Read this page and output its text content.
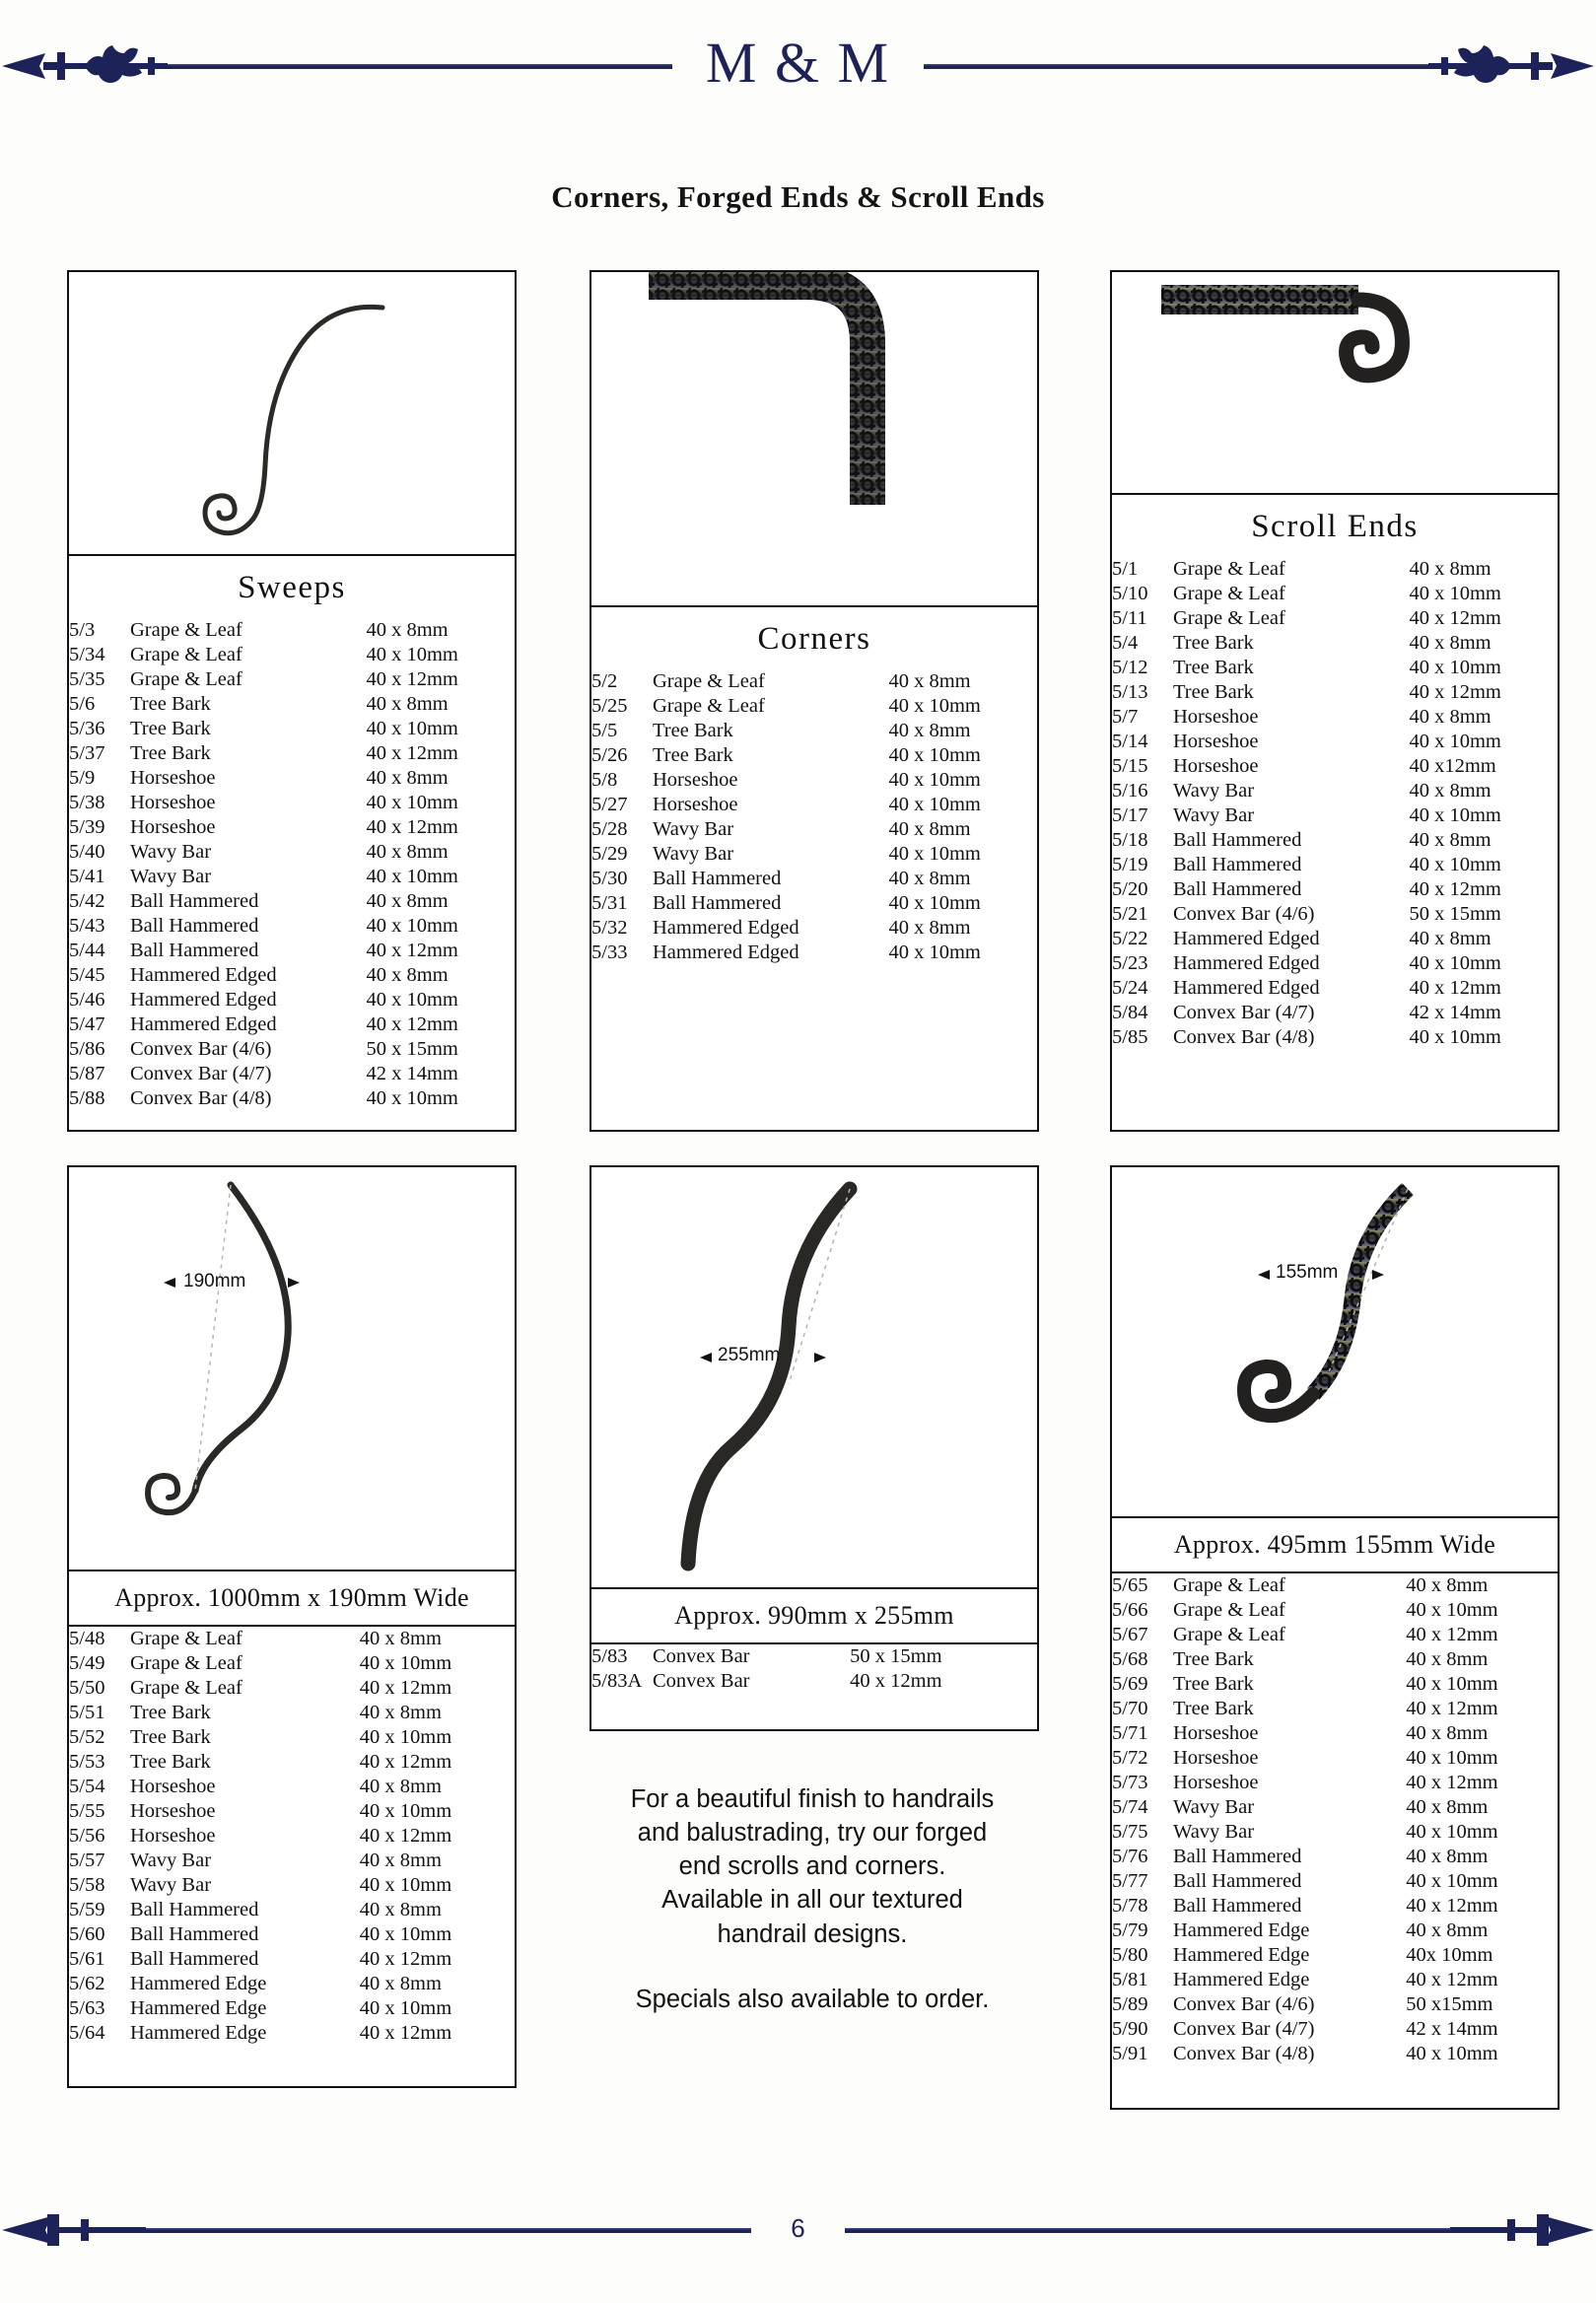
M & M
Corners, Forged Ends & Scroll Ends
Sweeps
5/3	Grape & Leaf	40 x 8mm
5/34	Grape & Leaf	40 x 10mm
5/35	Grape & Leaf	40 x 12mm
5/6	Tree Bark	40 x 8mm
5/36	Tree Bark	40 x 10mm
5/37	Tree Bark	40 x 12mm
5/9	Horseshoe	40 x 8mm
5/38	Horseshoe	40 x 10mm
5/39	Horseshoe	40 x 12mm
5/40	Wavy Bar	40 x 8mm
5/41	Wavy Bar	40 x 10mm
5/42	Ball Hammered	40 x 8mm
5/43	Ball Hammered	40 x 10mm
5/44	Ball Hammered	40 x 12mm
5/45	Hammered Edged	40 x 8mm
5/46	Hammered Edged	40 x 10mm
5/47	Hammered Edged	40 x 12mm
5/86	Convex Bar (4/6)	50 x 15mm
5/87	Convex Bar (4/7)	42 x 14mm
5/88	Convex Bar (4/8)	40 x 10mm
Corners
5/2	Grape & Leaf	40 x 8mm
5/25	Grape & Leaf	40 x 10mm
5/5	Tree Bark	40 x 8mm
5/26	Tree Bark	40 x 10mm
5/8	Horseshoe	40 x 10mm
5/27	Horseshoe	40 x 10mm
5/28	Wavy Bar	40 x 8mm
5/29	Wavy Bar	40 x 10mm
5/30	Ball Hammered	40 x 8mm
5/31	Ball Hammered	40 x 10mm
5/32	Hammered Edged	40 x 8mm
5/33	Hammered Edged	40 x 10mm
Scroll Ends
5/1	Grape & Leaf	40 x 8mm
5/10	Grape & Leaf	40 x 10mm
5/11	Grape & Leaf	40 x 12mm
5/4	Tree Bark	40 x 8mm
5/12	Tree Bark	40 x 10mm
5/13	Tree Bark	40 x 12mm
5/7	Horseshoe	40 x 8mm
5/14	Horseshoe	40 x 10mm
5/15	Horseshoe	40 x12mm
5/16	Wavy Bar	40 x 8mm
5/17	Wavy Bar	40 x 10mm
5/18	Ball Hammered	40 x 8mm
5/19	Ball Hammered	40 x 10mm
5/20	Ball Hammered	40 x 12mm
5/21	Convex Bar (4/6)	50 x 15mm
5/22	Hammered Edged	40 x 8mm
5/23	Hammered Edged	40 x 10mm
5/24	Hammered Edged	40 x 12mm
5/84	Convex Bar (4/7)	42 x 14mm
5/85	Convex Bar (4/8)	40 x 10mm
190mm
Approx. 1000mm x 190mm Wide
5/48	Grape & Leaf	40 x 8mm
5/49	Grape & Leaf	40 x 10mm
5/50	Grape & Leaf	40 x 12mm
5/51	Tree Bark	40 x 8mm
5/52	Tree Bark	40 x 10mm
5/53	Tree Bark	40 x 12mm
5/54	Horseshoe	40 x 8mm
5/55	Horseshoe	40 x 10mm
5/56	Horseshoe	40 x 12mm
5/57	Wavy Bar	40 x 8mm
5/58	Wavy Bar	40 x 10mm
5/59	Ball Hammered	40 x 8mm
5/60	Ball Hammered	40 x 10mm
5/61	Ball Hammered	40 x 12mm
5/62	Hammered Edge	40 x 8mm
5/63	Hammered Edge	40 x 10mm
5/64	Hammered Edge	40 x 12mm
255mm
Approx. 990mm x 255mm
5/83	Convex Bar	50 x 15mm
5/83A	Convex Bar	40 x 12mm
For a beautiful finish to handrails
and balustrading, try our forged
end scrolls and corners.
Available in all our textured
handrail designs.
Specials also available to order.
155mm
Approx. 495mm 155mm Wide
5/65	Grape & Leaf	40 x 8mm
5/66	Grape & Leaf	40 x 10mm
5/67	Grape & Leaf	40 x 12mm
5/68	Tree Bark	40 x 8mm
5/69	Tree Bark	40 x 10mm
5/70	Tree Bark	40 x 12mm
5/71	Horseshoe	40 x 8mm
5/72	Horseshoe	40 x 10mm
5/73	Horseshoe	40 x 12mm
5/74	Wavy Bar	40 x 8mm
5/75	Wavy Bar	40 x 10mm
5/76	Ball Hammered	40 x 8mm
5/77	Ball Hammered	40 x 10mm
5/78	Ball Hammered	40 x 12mm
5/79	Hammered Edge	40 x 8mm
5/80	Hammered Edge	40x 10mm
5/81	Hammered Edge	40 x 12mm
5/89	Convex Bar (4/6)	50 x15mm
5/90	Convex Bar (4/7)	42 x 14mm
5/91	Convex Bar (4/8)	40 x 10mm
6
